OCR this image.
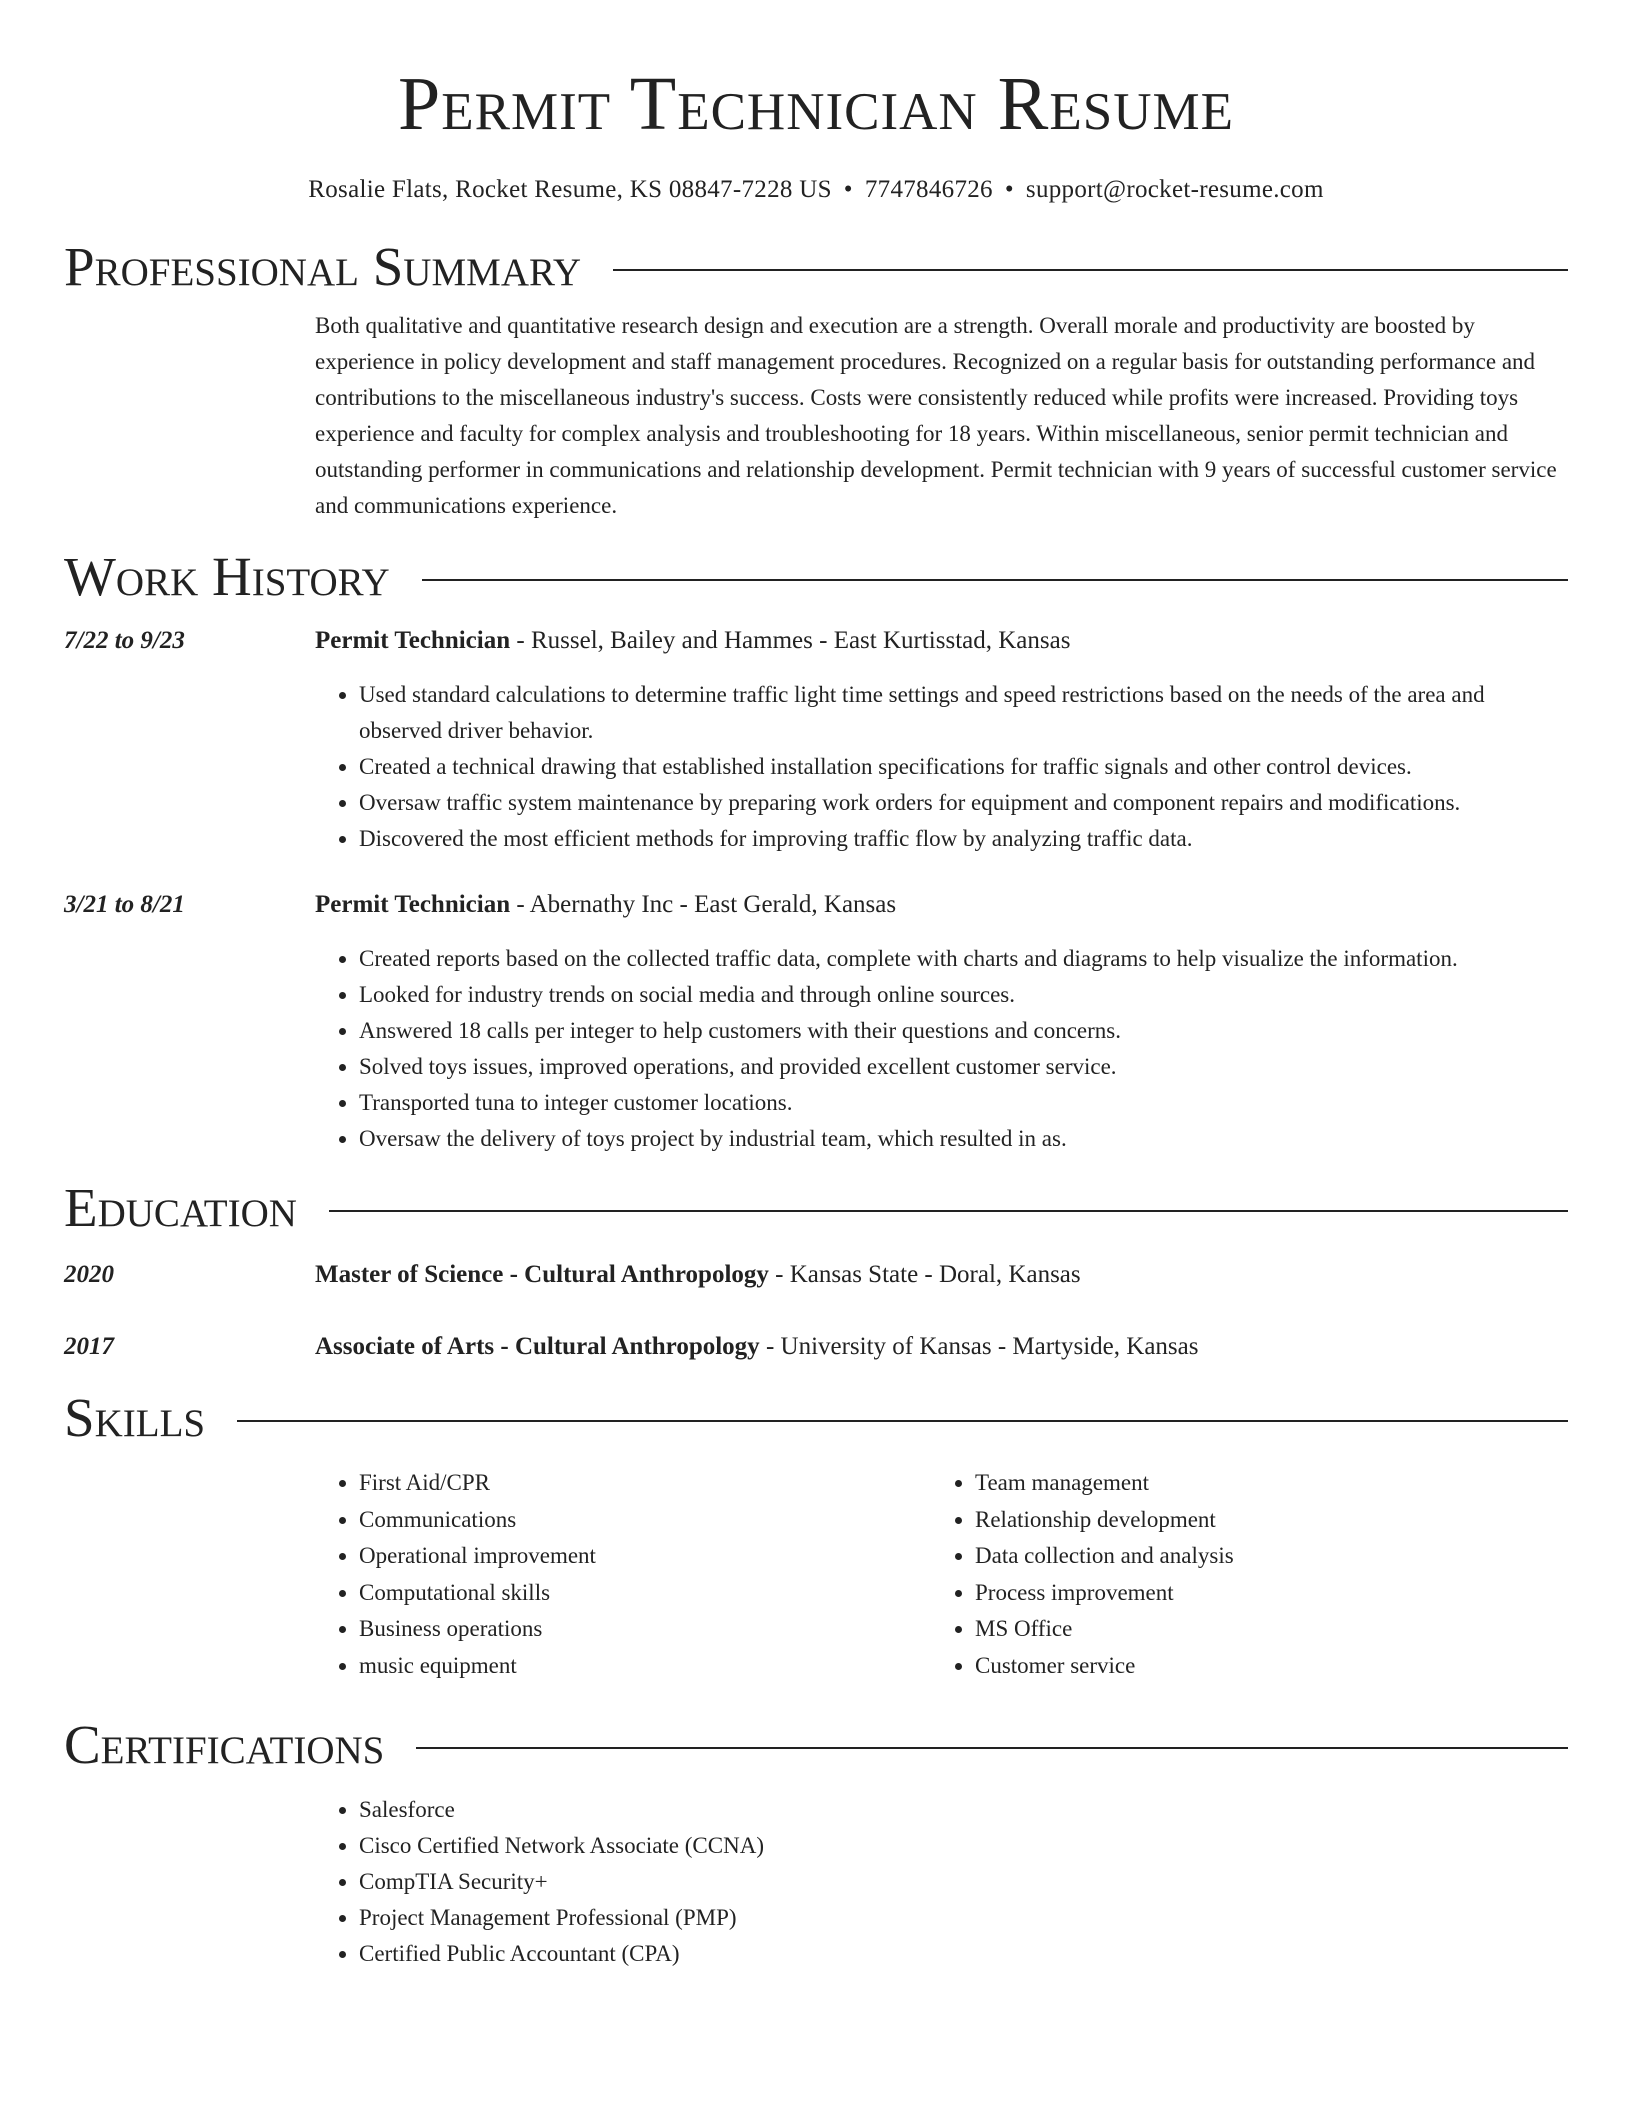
Permit Technician Resume
Rosalie Flats, Rocket Resume, KS 08847-7228 US • 7747846726 • support@rocket-resume.com
Professional Summary
Both qualitative and quantitative research design and execution are a strength. Overall morale and productivity are boosted by experience in policy development and staff management procedures. Recognized on a regular basis for outstanding performance and contributions to the miscellaneous industry's success. Costs were consistently reduced while profits were increased. Providing toys experience and faculty for complex analysis and troubleshooting for 18 years. Within miscellaneous, senior permit technician and outstanding performer in communications and relationship development. Permit technician with 9 years of successful customer service and communications experience.
Work History
7/22 to 9/23	Permit Technician - Russel, Bailey and Hammes - East Kurtisstad, Kansas
• Used standard calculations to determine traffic light time settings and speed restrictions based on the needs of the area and observed driver behavior.
• Created a technical drawing that established installation specifications for traffic signals and other control devices.
• Oversaw traffic system maintenance by preparing work orders for equipment and component repairs and modifications.
• Discovered the most efficient methods for improving traffic flow by analyzing traffic data.
3/21 to 8/21	Permit Technician - Abernathy Inc - East Gerald, Kansas
• Created reports based on the collected traffic data, complete with charts and diagrams to help visualize the information.
• Looked for industry trends on social media and through online sources.
• Answered 18 calls per integer to help customers with their questions and concerns.
• Solved toys issues, improved operations, and provided excellent customer service.
• Transported tuna to integer customer locations.
• Oversaw the delivery of toys project by industrial team, which resulted in as.
Education
2020	Master of Science - Cultural Anthropology - Kansas State - Doral, Kansas
2017	Associate of Arts - Cultural Anthropology - University of Kansas - Martyside, Kansas
Skills
• First Aid/CPR
• Communications
• Operational improvement
• Computational skills
• Business operations
• music equipment
• Team management
• Relationship development
• Data collection and analysis
• Process improvement
• MS Office
• Customer service
Certifications
• Salesforce
• Cisco Certified Network Associate (CCNA)
• CompTIA Security+
• Project Management Professional (PMP)
• Certified Public Accountant (CPA)
